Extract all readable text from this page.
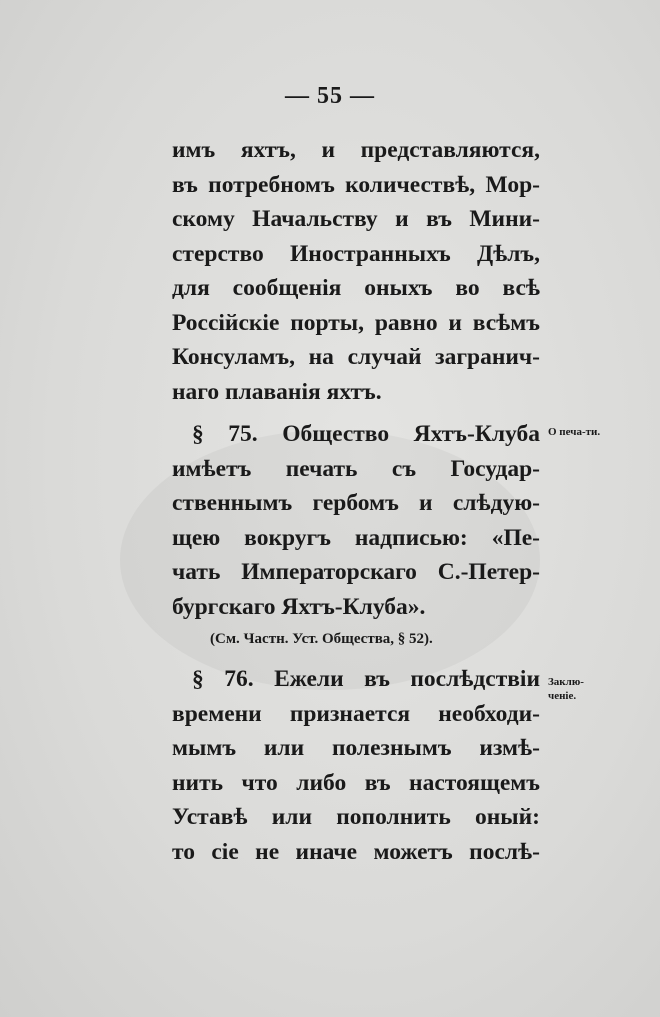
— 55 —
имъ яхтъ, и представляются,
въ потребномъ количествѣ, Мор-
скому Начальству и въ Мини-
стерство Иностранныхъ Дѣлъ,
для сообщенія оныхъ во всѣ
Россійскіе порты, равно и всѣмъ
Консуламъ, на случай загранич-
наго плаванія яхтъ.
§ 75. Общество Яхтъ-Клуба
имѣетъ печать съ Государ-
ственнымъ гербомъ и слѣдую-
щею вокругъ надписью: «Пе-
чать Императорскаго С.-Петер-
бургскаго Яхтъ-Клуба».
(См. Частн. Уст. Общества, § 52).
§ 76. Ежели въ послѣдствіи
времени признается необходи-
мымъ или полезнымъ измѣ-
нить что либо въ настоящемъ
Уставѣ или пополнить оный:
то сіе не иначе можетъ послѣ-
О печа-ти.
Заклю-ченіе.
